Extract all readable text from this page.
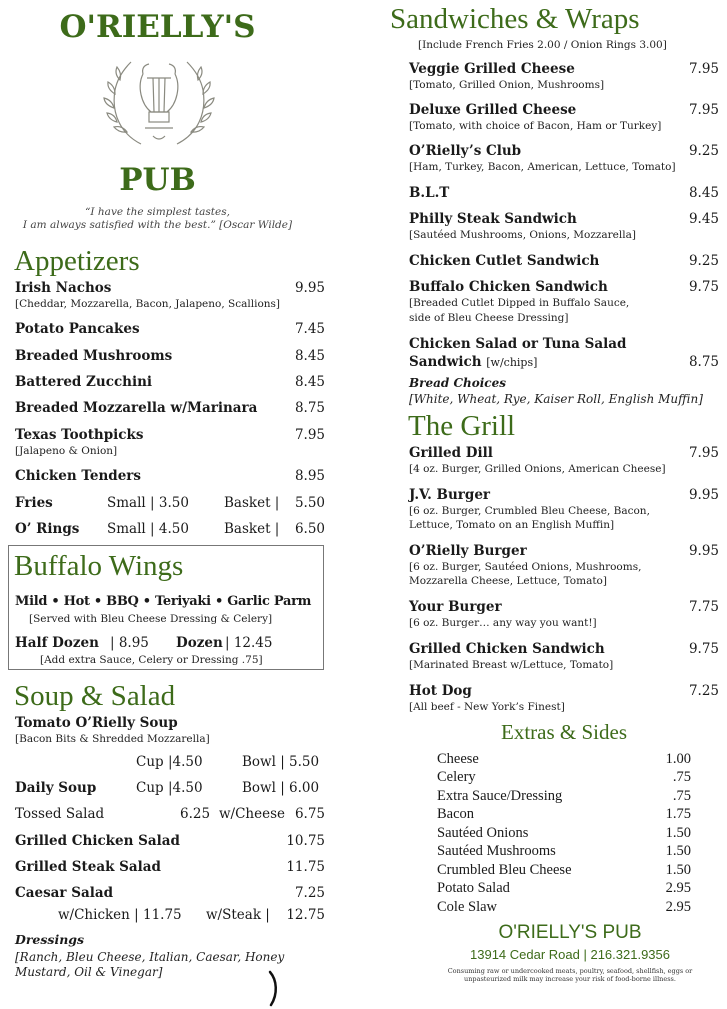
O'RIELLY'S
PUB
“I have the simplest tastes,
I am always satisfied with the best.” [Oscar Wilde]
Appetizers
Irish Nachos	9.95
[Cheddar, Mozzarella, Bacon, Jalapeno, Scallions]
Potato Pancakes	7.45
Breaded Mushrooms	8.45
Battered Zucchini	8.45
Breaded Mozzarella w/Marinara	8.75
Texas Toothpicks	7.95
[Jalapeno & Onion]
Chicken Tenders	8.95
Fries	Small | 3.50	Basket |	5.50
O’ Rings Small | 4.50	Basket |	6.50
Buffalo Wings
Mild • Hot • BBQ • Teriyaki • Garlic Parm
[Served with Bleu Cheese Dressing & Celery]
Half Dozen | 8.95 Dozen | 12.45
[Add extra Sauce, Celery or Dressing .75]
Soup & Salad
Tomato O’Rielly Soup
[Bacon Bits & Shredded Mozzarella]
Cup |4.50	Bowl | 5.50
Daily Soup	Cup |4.50	Bowl | 6.00
Tossed Salad	6.25 w/Cheese 6.75
Grilled Chicken Salad	10.75
Grilled Steak Salad	11.75
Caesar Salad	7.25
w/Chicken | 11.75 w/Steak |	12.75
Dressings
[Ranch, Bleu Cheese, Italian, Caesar, Honey Mustard, Oil & Vinegar]
Sandwiches & Wraps
[Include French Fries 2.00 / Onion Rings 3.00]
Veggie Grilled Cheese	7.95
[Tomato, Grilled Onion, Mushrooms]
Deluxe Grilled Cheese	7.95
[Tomato, with choice of Bacon, Ham or Turkey]
O’Rielly’s Club	9.25
[Ham, Turkey, Bacon, American, Lettuce, Tomato]
B.L.T	8.45
Philly Steak Sandwich	9.45
[Sautéed Mushrooms, Onions, Mozzarella]
Chicken Cutlet Sandwich	9.25
Buffalo Chicken Sandwich	9.75
[Breaded Cutlet Dipped in Buffalo Sauce,
side of Bleu Cheese Dressing]
Chicken Salad or Tuna Salad
Sandwich [w/chips]	8.75
Bread Choices
[White, Wheat, Rye, Kaiser Roll, English Muffin]
The Grill
Grilled Dill	7.95
[4 oz. Burger, Grilled Onions, American Cheese]
J.V. Burger	9.95
[6 oz. Burger, Crumbled Bleu Cheese, Bacon,
Lettuce, Tomato on an English Muffin]
O’Rielly Burger	9.95
[6 oz. Burger, Sautéed Onions, Mushrooms,
Mozzarella Cheese, Lettuce, Tomato]
Your Burger	7.75
[6 oz. Burger… any way you want!]
Grilled Chicken Sandwich	9.75
[Marinated Breast w/Lettuce, Tomato]
Hot Dog	7.25
[All beef - New York’s Finest]
Extras & Sides
Cheese	1.00
Celery	.75
Extra Sauce/Dressing	.75
Bacon	1.75
Sautéed Onions	1.50
Sautéed Mushrooms	1.50
Crumbled Bleu Cheese	1.50
Potato Salad	2.95
Cole Slaw	2.95
O'RIELLY'S PUB
13914 Cedar Road | 216.321.9356
Consuming raw or undercooked meats, poultry, seafood, shellfish, eggs or
unpasteurized milk may increase your risk of food-borne illness.
